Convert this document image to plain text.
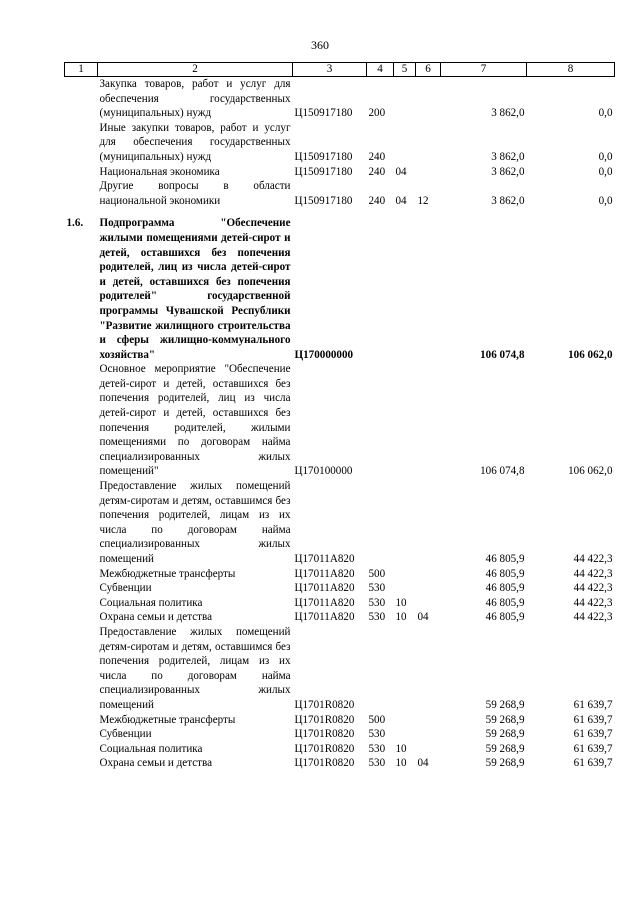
360
1	2	3	4	5	6	7	8
	Закупка товаров, работ и услуг для обеспечения государственных (муниципальных) нужд	Ц150917180	200			3 862,0	0,0
	Иные закупки товаров, работ и услуг для обеспечения государственных (муниципальных) нужд	Ц150917180	240			3 862,0	0,0
	Национальная экономика	Ц150917180	240	04		3 862,0	0,0
	Другие вопросы в области национальной экономики	Ц150917180	240	04	12	3 862,0	0,0

1.6.	Подпрограмма "Обеспечение жилыми помещениями детей-сирот и детей, оставшихся без попечения родителей, лиц из числа детей-сирот и детей, оставшихся без попечения родителей" государственной программы Чувашской Республики "Развитие жилищного строительства и сферы жилищно-коммунального хозяйства"	Ц170000000				106 074,8	106 062,0
	Основное мероприятие "Обеспечение детей-сирот и детей, оставшихся без попечения родителей, лиц из числа детей-сирот и детей, оставшихся без попечения родителей, жилыми помещениями по договорам найма специализированных жилых помещений"	Ц170100000				106 074,8	106 062,0
	Предоставление жилых помещений детям-сиротам и детям, оставшимся без попечения родителей, лицам из их числа по договорам найма специализированных жилых помещений	Ц17011А820				46 805,9	44 422,3
	Межбюджетные трансферты	Ц17011А820	500			46 805,9	44 422,3
	Субвенции	Ц17011А820	530			46 805,9	44 422,3
	Социальная политика	Ц17011А820	530	10		46 805,9	44 422,3
	Охрана семьи и детства	Ц17011А820	530	10	04	46 805,9	44 422,3
	Предоставление жилых помещений детям-сиротам и детям, оставшимся без попечения родителей, лицам из их числа по договорам найма специализированных жилых помещений	Ц1701R0820				59 268,9	61 639,7
	Межбюджетные трансферты	Ц1701R0820	500			59 268,9	61 639,7
	Субвенции	Ц1701R0820	530			59 268,9	61 639,7
	Социальная политика	Ц1701R0820	530	10		59 268,9	61 639,7
	Охрана семьи и детства	Ц1701R0820	530	10	04	59 268,9	61 639,7
